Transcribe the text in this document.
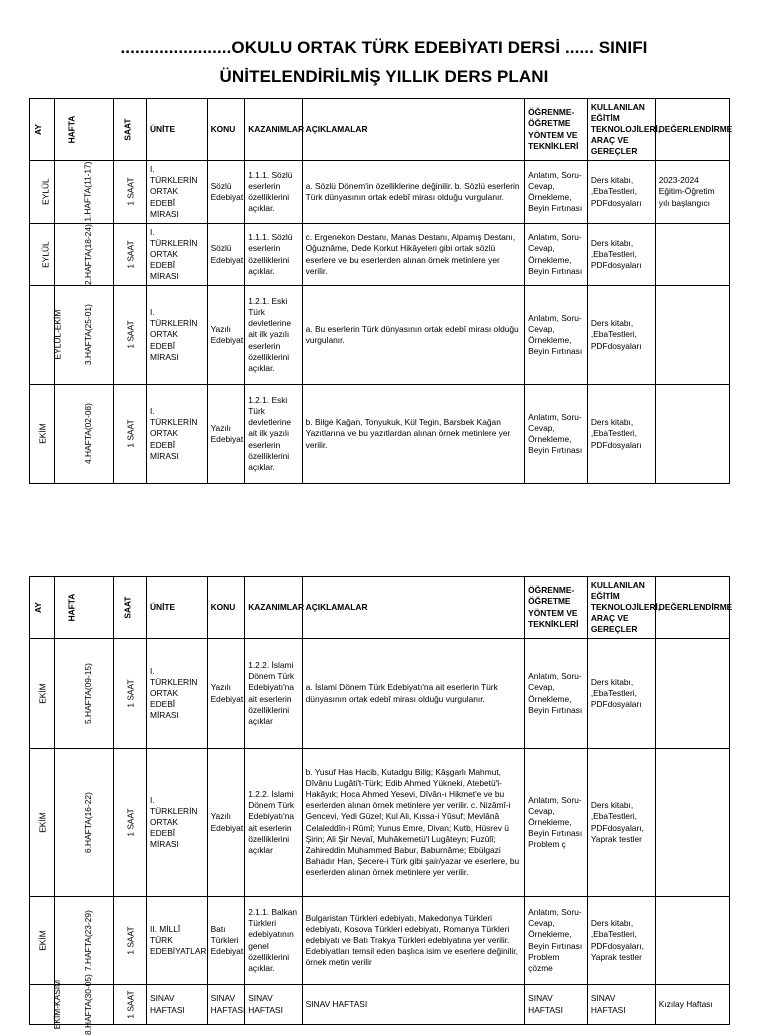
.......................OKULU ORTAK TÜRK EDEBİYATI DERSİ ...... SINIFI
ÜNİTELENDİRİLMİŞ YILLIK DERS PLANI
AY	HAFTA	SAAT	ÜNİTE	KONU	KAZANIMLAR	AÇIKLAMALAR	ÖĞRENME-ÖĞRETME YÖNTEM VE TEKNİKLERİ	KULLANILAN EĞİTİM TEKNOLOJİLERİ, ARAÇ VE GEREÇLER	DEĞERLENDİRME
EYLÜL	1.HAFTA(11-17)	1 SAAT	I. TÜRKLERİN ORTAK EDEBÎ MİRASI	Sözlü Edebiyat	1.1.1. Sözlü eserlerin özelliklerini açıklar.	a. Sözlü Dönem'in özelliklerine değinilir. b. Sözlü eserlerin Türk dünyasının ortak edebî mirası olduğu vurgulanır.	Anlatım, Soru-Cevap, Örnekleme, Beyin Fırtınası	Ders kitabı, ,EbaTestleri, PDFdosyaları	2023-2024 Eğitim-Öğretim yılı başlangıcı
EYLÜL	2.HAFTA(18-24)	1 SAAT	I. TÜRKLERİN ORTAK EDEBÎ MİRASI	Sözlü Edebiyat	1.1.1. Sözlü eserlerin özelliklerini açıklar.	c. Ergenekon Destanı, Manas Destanı, Alpamış Destanı, Oğuznâme, Dede Korkut Hikâyeleri gibi ortak sözlü eserlere ve bu eserlerden alınan örnek metinlere yer verilir.	Anlatım, Soru-Cevap, Örnekleme, Beyin Fırtınası	Ders kitabı, ,EbaTestleri, PDFdosyaları	
EYLÜL-EKİM	3.HAFTA(25-01)	1 SAAT	I. TÜRKLERİN ORTAK EDEBÎ MİRASI	Yazılı Edebiyat	1.2.1. Eski Türk devletlerine ait ilk yazılı eserlerin özelliklerini açıklar.	a. Bu eserlerin Türk dünyasının ortak edebî mirası olduğu vurgulanır.	Anlatım, Soru-Cevap, Örnekleme, Beyin Fırtınası	Ders kitabı, ,EbaTestleri, PDFdosyaları	
EKİM	4.HAFTA(02-08)	1 SAAT	I. TÜRKLERİN ORTAK EDEBÎ MİRASI	Yazılı Edebiyat	1.2.1. Eski Türk devletlerine ait ilk yazılı eserlerin özelliklerini açıklar.	b. Bilge Kağan, Tonyukuk, Kül Tegin, Barsbek Kağan Yazıtlarına ve bu yazıtlardan alınan örnek metinlere yer verilir.	Anlatım, Soru-Cevap, Örnekleme, Beyin Fırtınası	Ders kitabı, ,EbaTestleri, PDFdosyaları	
AY	HAFTA	SAAT	ÜNİTE	KONU	KAZANIMLAR	AÇIKLAMALAR	ÖĞRENME-ÖĞRETME YÖNTEM VE TEKNİKLERİ	KULLANILAN EĞİTİM TEKNOLOJİLERİ, ARAÇ VE GEREÇLER	DEĞERLENDİRME
EKİM	5.HAFTA(09-15)	1 SAAT	I. TÜRKLERİN ORTAK EDEBÎ MİRASI	Yazılı Edebiyat	1.2.2. İslami Dönem Türk Edebiyatı'na ait eserlerin özelliklerini açıklar	a. İslami Dönem Türk Edebiyatı'na ait eserlerin Türk dünyasının ortak edebî mirası olduğu vurgulanır.	Anlatım, Soru-Cevap, Örnekleme, Beyin Fırtınası	Ders kitabı, ,EbaTestleri, PDFdosyaları	
EKİM	6.HAFTA(16-22)	1 SAAT	I. TÜRKLERİN ORTAK EDEBÎ MİRASI	Yazılı Edebiyat	1.2.2. İslami Dönem Türk Edebiyatı'na ait eserlerin özelliklerini açıklar	b. Yusuf Has Hacib, Kutadgu Bilig; Kâşgarlı Mahmut, Dîvânu Lugâti't-Türk; Edib Ahmed Yükneki, Atebetü'l-Hakâyık; Hoca Ahmed Yesevi, Dîvân-ı Hikmet'e ve bu eserlerden alınan örnek metinlere yer verilir. c. Nizâmî-i Gencevi, Yedi Güzel; Kul Ali, Kıssa-i Yûsuf; Mevlânâ Celaleddîn-i Rûmî; Yunus Emre, Divan; Kutb, Hüsrev ü Şirin; Ali Şir Nevaî, Muhâkemetü'l Lugâteyn; Fuzûlî; Zahireddin Muhammed Babur, Baburnâme; Ebülgazi Bahadır Han, Şecere-i Türk gibi şair/yazar ve eserlere, bu eserlerden alınan örnek metinlere yer verilir.	Anlatım, Soru-Cevap, Örnekleme, Beyin Fırtınası Problem ç	Ders kitabı, ,EbaTestleri, PDFdosyaları, Yaprak testler	
EKİM	7.HAFTA(23-29)	1 SAAT	II. MİLLÎ TÜRK EDEBİYATLARI	Batı Türkleri Edebiyatı	2.1.1. Balkan Türkleri edebiyatının genel özelliklerini açıklar.	Bulgaristan Türkleri edebiyatı, Makedonya Türkleri edebiyatı, Kosova Türkleri edebiyatı, Romanya Türkleri edebiyatı ve Batı Trakya Türkleri edebiyatına yer verilir. Edebiyatları temsil eden başlıca isim ve eserlere değinilir, örnek metin verilir	Anlatım, Soru-Cevap, Örnekleme, Beyin Fırtınası Problem çözme	Ders kitabı, ,EbaTestleri, PDFdosyaları, Yaprak testler	
EKİM-KASIM	8.HAFTA(30-05)	1 SAAT	SINAV HAFTASI	SINAV HAFTASI	SINAV HAFTASI	SINAV HAFTASI	SINAV HAFTASI	SINAV HAFTASI	Kızılay Haftası
